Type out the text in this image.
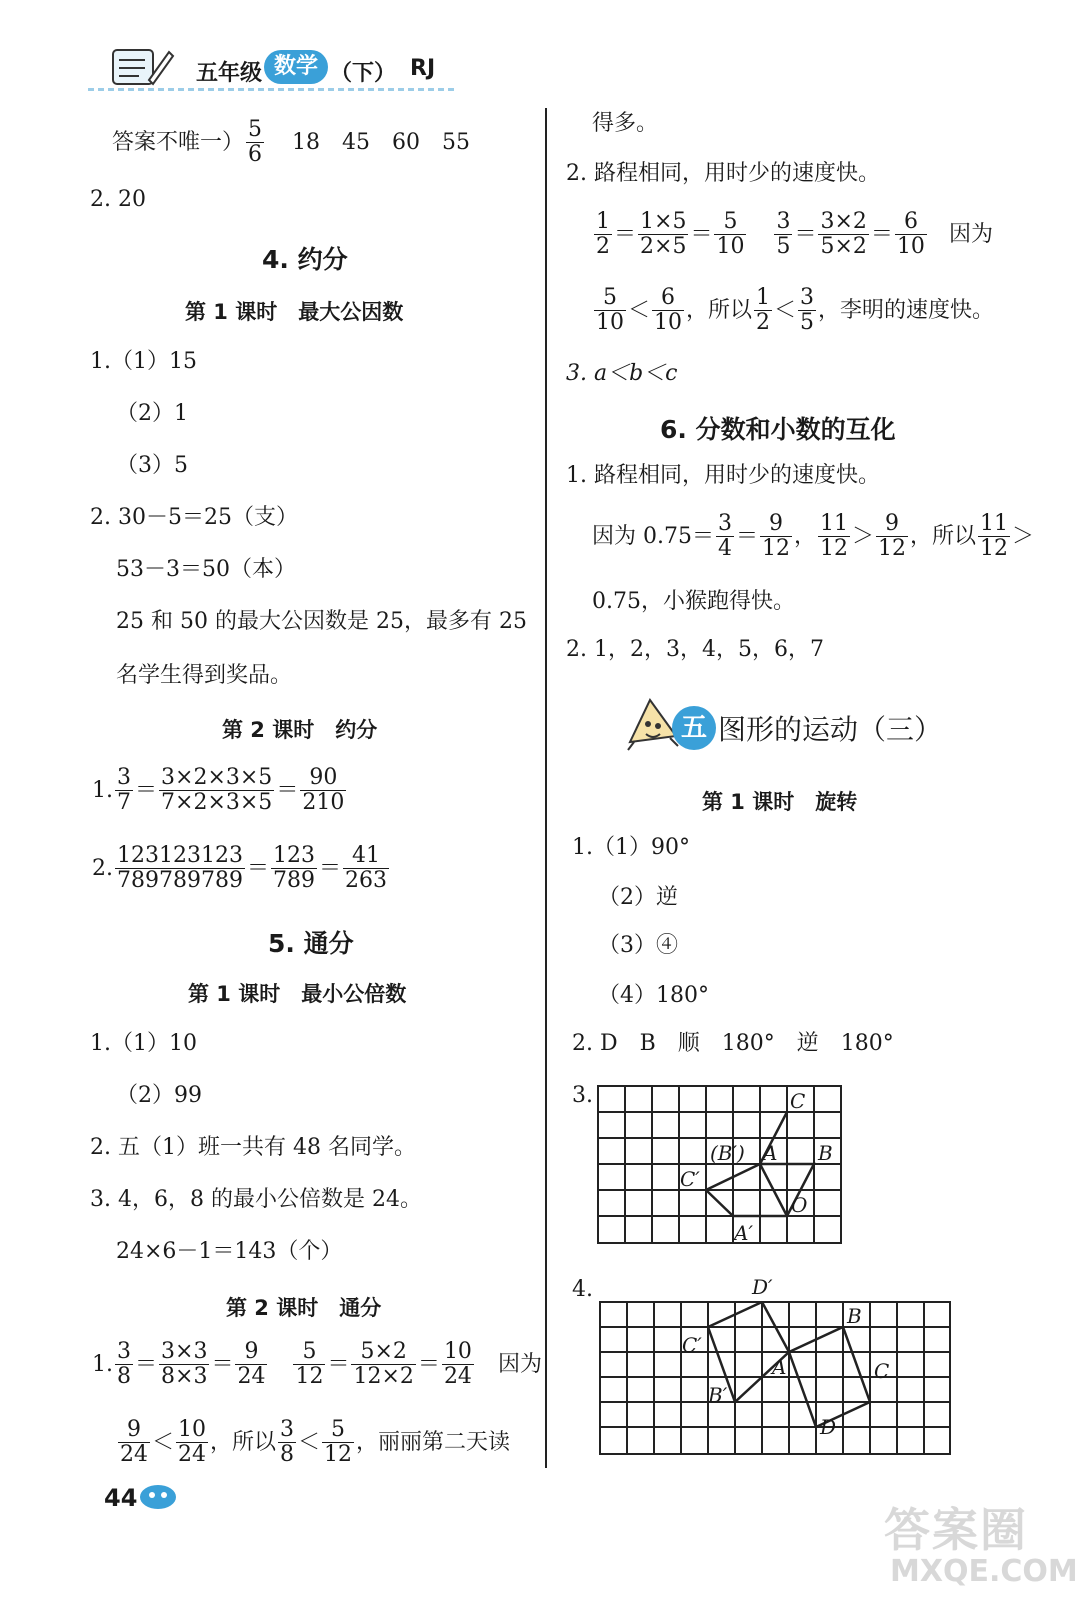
五年级 数学 （下） RJ
答案不唯一） $\frac{5}{6} 18$　45　60　55
2. 20
4. 约分
第 1 课时　最大公因数
1.（1）15
（2）1
（3）5
2. 30－5＝25（支）
53－3＝50（本）
25 和 50 的最大公因数是 25，最多有 25
名学生得到奖品。
第 2 课时　约分
1. $\frac{3}{7} = \frac{3\times 2\times 3\times 5}{7\times 2\times 3\times 5} = \frac{90}{210}$
2. $\frac{123123123}{789789789} = \frac{123}{789} = \frac{41}{263}$
5. 通分
第 1 课时　最小公倍数
1.（1）10
（2）99
2. 五（1）班一共有 48 名同学。
3. 4，6，8 的最小公倍数是 24。
24×6－1＝143（个）
第 2 课时　通分
1. $\frac{3}{8} = \frac{3\times 3}{8\times 3} = \frac{9}{24} \frac{5}{12} = \frac{5\times 2}{12\times 2} = \frac{10}{24}$ 因为
$\frac{9}{24} < \frac{10}{24}$ ，所以 $\frac{3}{8} < \frac{5}{12}$ ，丽丽第二天读
得多。
2. 路程相同，用时少的速度快。
$\frac{1}{2} = \frac{1\times 5}{2\times 5} = \frac{5}{10} \frac{3}{5} = \frac{3\times 2}{5\times 2} = \frac{6}{10}$ 因为
$\frac{5}{10} < \frac{6}{10}$ ，所以 $\frac{1}{2} < \frac{3}{5}$ ，李明的速度快。
3. a＜b＜c
6. 分数和小数的互化
1. 路程相同，用时少的速度快。
因为 $0.75= \frac{3}{4} = \frac{9}{12}$ ， $\frac{11}{12} > \frac{9}{12}$ ，所以 $\frac{11}{12}$ ＞
0.75，小猴跑得快。
2. 1，2，3，4，5，6，7
五 图形的运动（三）
第 1 课时　旋转
1.（1）90°
（2）逆
（3）④
（4）180°
2. D　B　顺　180°　逆　180°
3.	C
(B′) A B
C′
O
A′
4.	D′
B
C′
A	C
B′
D
44
答案圈
MXQE.COM
